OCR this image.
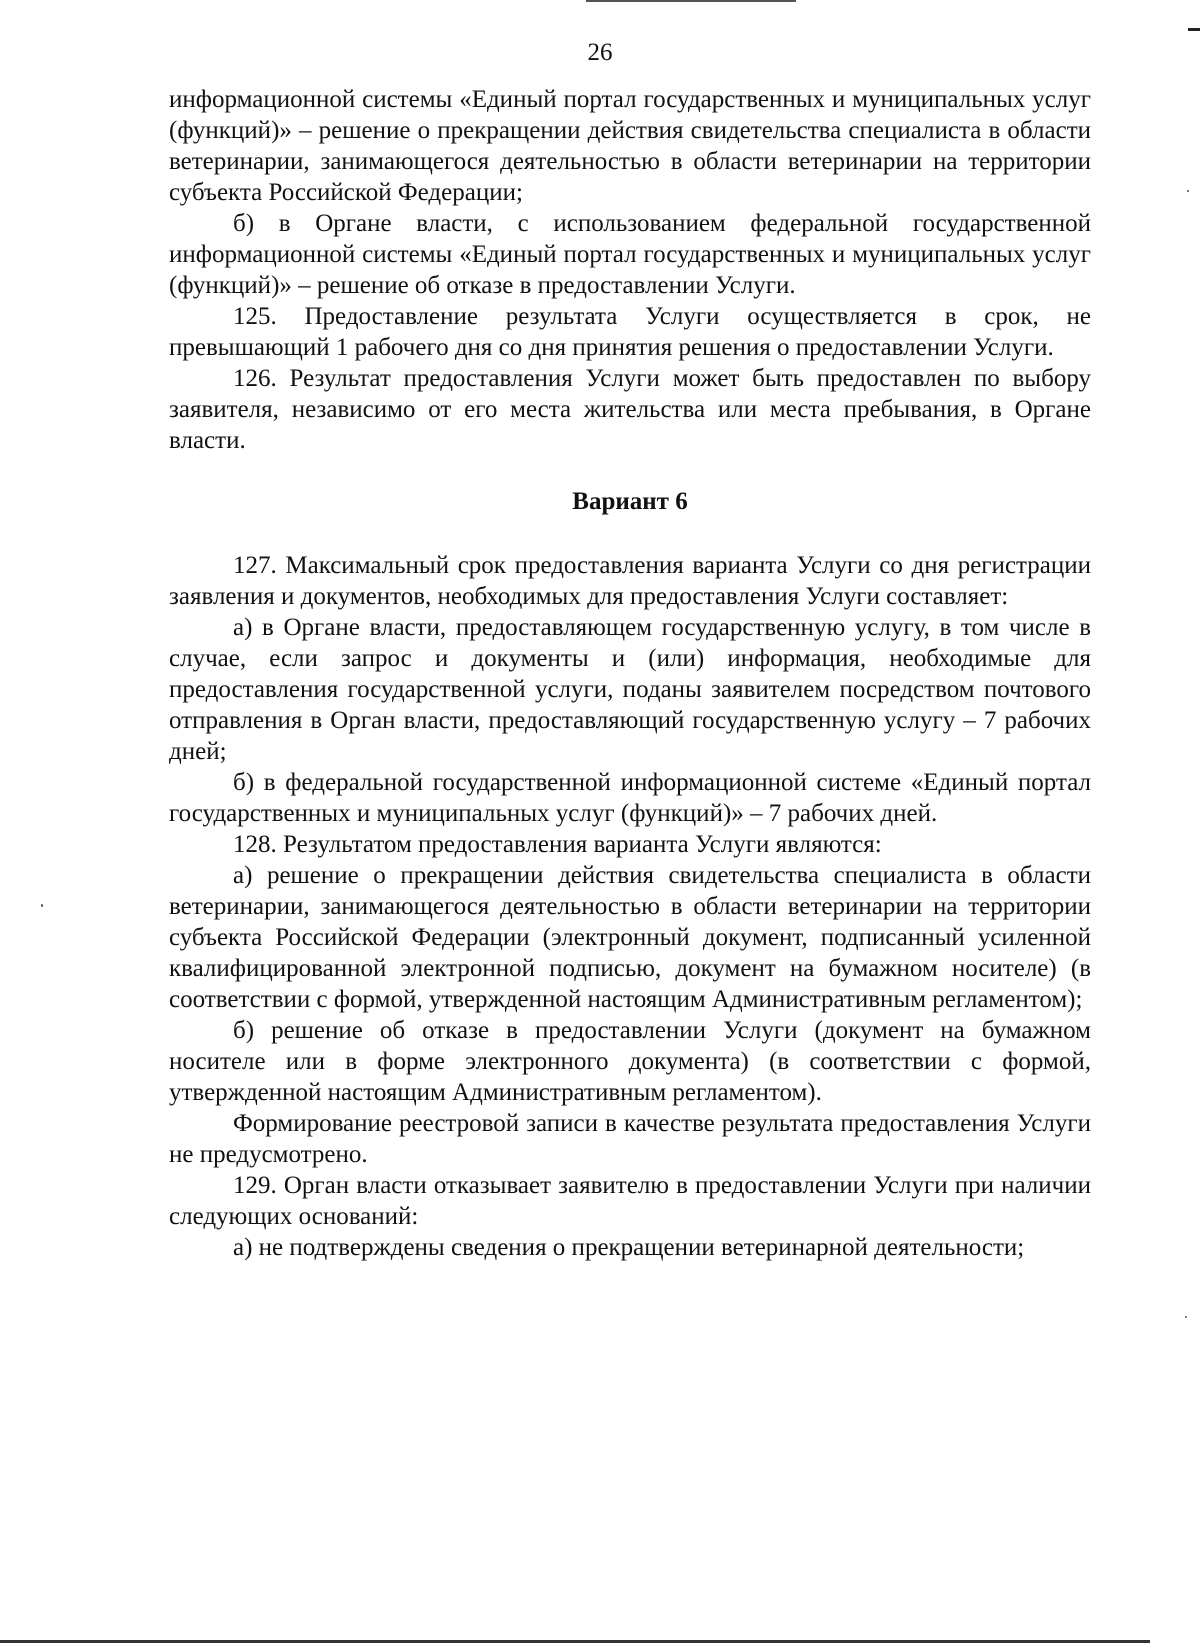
26

информационной системы «Единый портал государственных и муниципальных услуг (функций)» – решение о прекращении действия свидетельства специалиста в области ветеринарии, занимающегося деятельностью в области ветеринарии на территории субъекта Российской Федерации;

б) в Органе власти, с использованием федеральной государственной информационной системы «Единый портал государственных и муниципальных услуг (функций)» – решение об отказе в предоставлении Услуги.

125. Предоставление результата Услуги осуществляется в срок, не превышающий 1 рабочего дня со дня принятия решения о предоставлении Услуги.

126. Результат предоставления Услуги может быть предоставлен по выбору заявителя, независимо от его места жительства или места пребывания, в Органе власти.

Вариант 6

127. Максимальный срок предоставления варианта Услуги со дня регистрации заявления и документов, необходимых для предоставления Услуги составляет:

а) в Органе власти, предоставляющем государственную услугу, в том числе в случае, если запрос и документы и (или) информация, необходимые для предоставления государственной услуги, поданы заявителем посредством почтового отправления в Орган власти, предоставляющий государственную услугу – 7 рабочих дней;

б) в федеральной государственной информационной системе «Единый портал государственных и муниципальных услуг (функций)» – 7 рабочих дней.

128. Результатом предоставления варианта Услуги являются:

а) решение о прекращении действия свидетельства специалиста в области ветеринарии, занимающегося деятельностью в области ветеринарии на территории субъекта Российской Федерации (электронный документ, подписанный усиленной квалифицированной электронной подписью, документ на бумажном носителе) (в соответствии с формой, утвержденной настоящим Административным регламентом);

б) решение об отказе в предоставлении Услуги (документ на бумажном носителе или в форме электронного документа) (в соответствии с формой, утвержденной настоящим Административным регламентом).

Формирование реестровой записи в качестве результата предоставления Услуги не предусмотрено.

129. Орган власти отказывает заявителю в предоставлении Услуги при наличии следующих оснований:

а) не подтверждены сведения о прекращении ветеринарной деятельности;
